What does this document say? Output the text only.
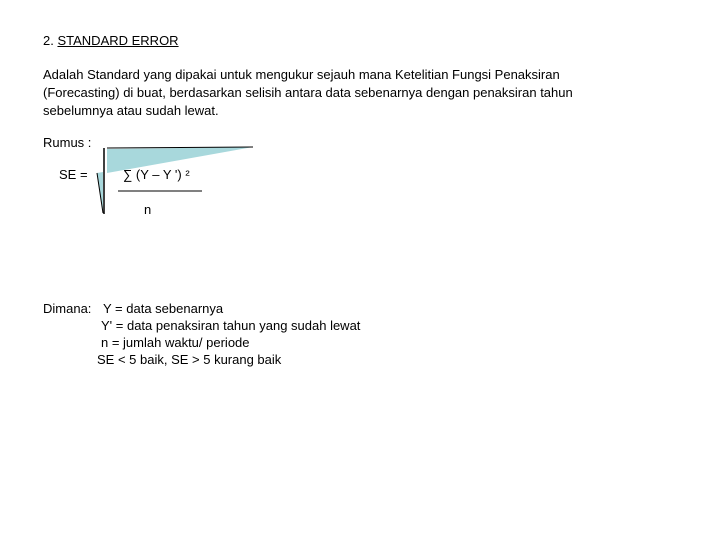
2. STANDARD ERROR
Adalah Standard yang dipakai untuk mengukur sejauh mana Ketelitian Fungsi Penaksiran
(Forecasting) di buat, berdasarkan selisih antara data sebenarnya dengan penaksiran tahun
sebelumnya atau sudah lewat.
Rumus :
SE =	∑ (Y – Y ') ²
n
Dimana: Y = data sebenarnya
Y' = data penaksiran tahun yang sudah lewat
n = jumlah waktu/ periode
SE < 5 baik, SE > 5 kurang baik
